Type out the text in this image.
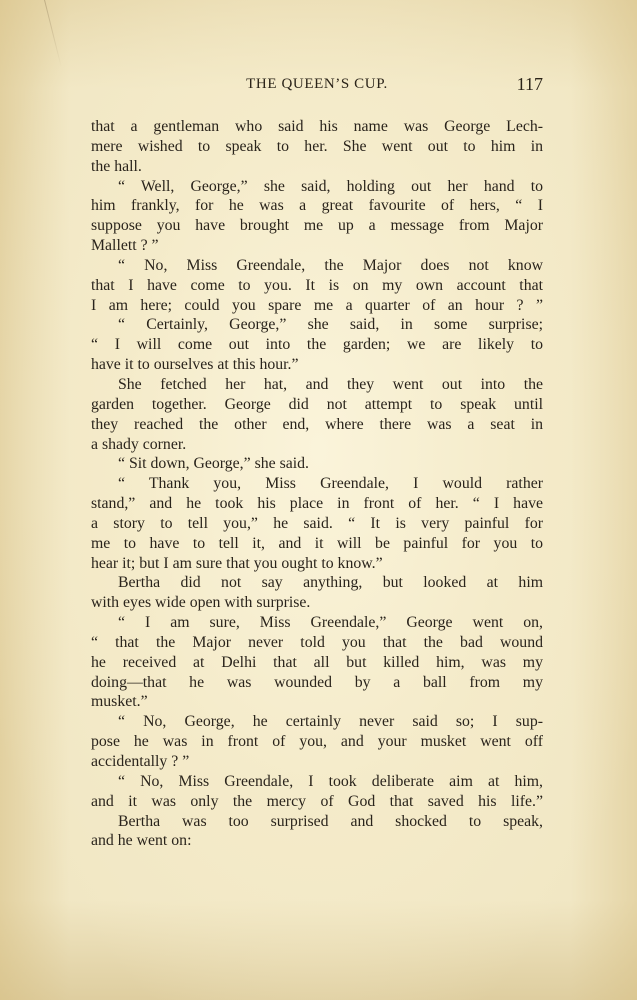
THE QUEEN’S CUP.	117
that a gentleman who said his name was George Lech-
mere wished to speak to her. She went out to him in
the hall.
“ Well, George,” she said, holding out her hand to
him frankly, for he was a great favourite of hers, “ I
suppose you have brought me up a message from Major
Mallett ? ”
“ No, Miss Greendale, the Major does not know
that I have come to you. It is on my own account that
I am here; could you spare me a quarter of an hour ? ”
“ Certainly, George,” she said, in some surprise;
“ I will come out into the garden; we are likely to
have it to ourselves at this hour.”
She fetched her hat, and they went out into the
garden together. George did not attempt to speak until
they reached the other end, where there was a seat in
a shady corner.
“ Sit down, George,” she said.
“ Thank you, Miss Greendale, I would rather
stand,” and he took his place in front of her. “ I have
a story to tell you,” he said. “ It is very painful for
me to have to tell it, and it will be painful for you to
hear it; but I am sure that you ought to know.”
Bertha did not say anything, but looked at him
with eyes wide open with surprise.
“ I am sure, Miss Greendale,” George went on,
“ that the Major never told you that the bad wound
he received at Delhi that all but killed him, was my
doing—that he was wounded by a ball from my
musket.”
“ No, George, he certainly never said so; I sup-
pose he was in front of you, and your musket went off
accidentally ? ”
“ No, Miss Greendale, I took deliberate aim at him,
and it was only the mercy of God that saved his life.”
Bertha was too surprised and shocked to speak,
and he went on:
